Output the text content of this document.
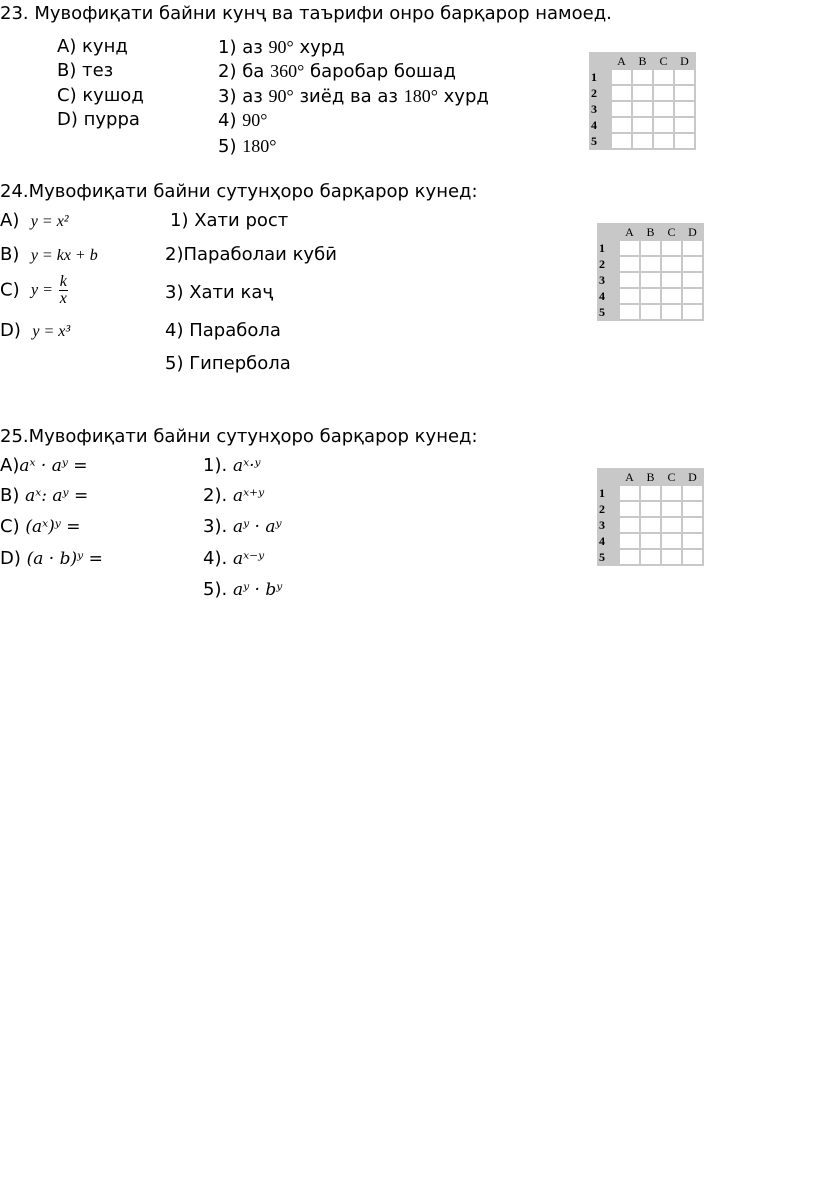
23. Мувофиқати байни кунҷ ва таърифи онро барқарор намоед.
A) кунд
B) тез
C) кушод
D) пурра
1) аз 90° хурд
2) ба 360° баробар бошад
3) аз 90° зиёд ва аз 180° хурд
4) 90°
5) 180°
	A	B	C	D
1				
2				
3				
4				
5				
24.Мувофиқати байни сутунҳоро барқарор кунед:
A) y = x²
B) y = kx + b
C) $y = \frac{k}{x}$
D) y = x³
1) Хати рост
2)Параболаи кубӣ
3) Хати каҷ
4) Парабола
5) Гипербола
	A	B	C	D
1				
2				
3				
4				
5				
25.Мувофиқати байни сутунҳоро барқарор кунед:
A)aˣ · aʸ =
B) aˣ: aʸ =
C) (aˣ)ʸ =
D) (a · b)ʸ =
1). aˣ·ʸ
2). aˣ⁺ʸ
3). aʸ · aʸ
4). aˣ⁻ʸ
5). aʸ · bʸ
	A	B	C	D
1				
2				
3				
4				
5				
